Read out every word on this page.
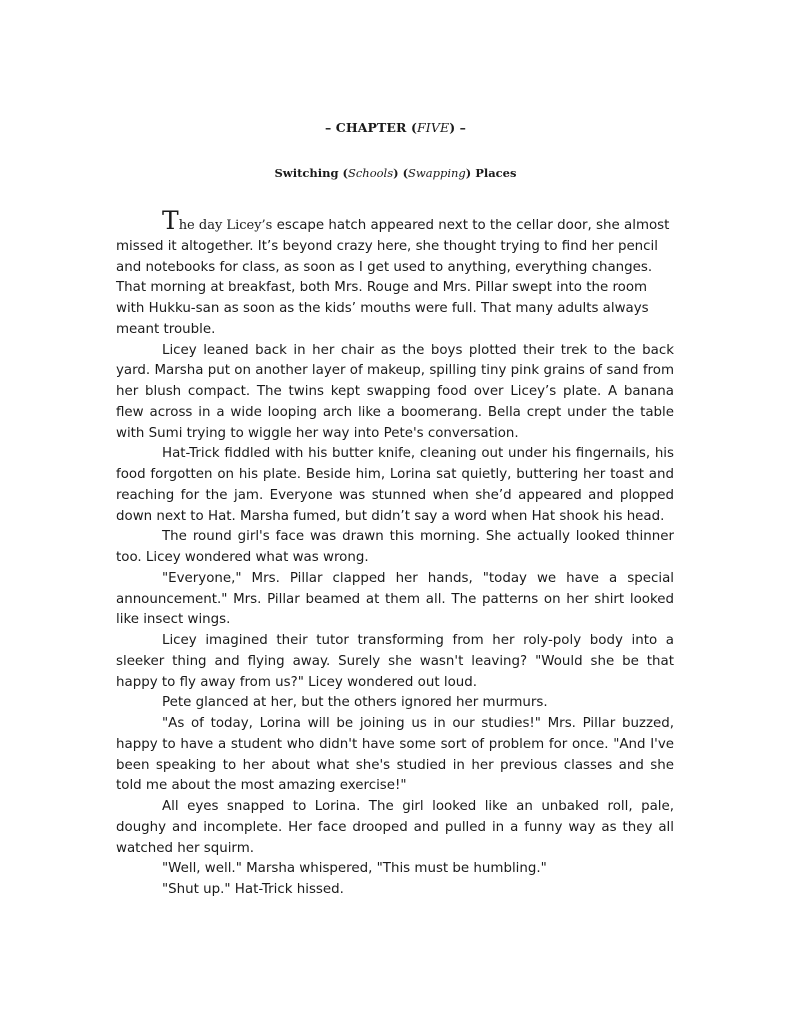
– CHAPTER (FIVE) –
Switching (Schools) (Swapping) Places

The day Licey’s escape hatch appeared next to the cellar door, she almost missed it altogether. It’s beyond crazy here, she thought trying to find her pencil and notebooks for class, as soon as I get used to anything, everything changes. That morning at breakfast, both Mrs. Rouge and Mrs. Pillar swept into the room with Hukku-san as soon as the kids’ mouths were full. That many adults always meant trouble.

Licey leaned back in her chair as the boys plotted their trek to the back yard. Marsha put on another layer of makeup, spilling tiny pink grains of sand from her blush compact. The twins kept swapping food over Licey’s plate. A banana flew across in a wide looping arch like a boomerang. Bella crept under the table with Sumi trying to wiggle her way into Pete's conversation.

Hat-Trick fiddled with his butter knife, cleaning out under his fingernails, his food forgotten on his plate. Beside him, Lorina sat quietly, buttering her toast and reaching for the jam. Everyone was stunned when she’d appeared and plopped down next to Hat. Marsha fumed, but didn’t say a word when Hat shook his head.

The round girl's face was drawn this morning. She actually looked thinner too. Licey wondered what was wrong.

"Everyone," Mrs. Pillar clapped her hands, "today we have a special announcement." Mrs. Pillar beamed at them all. The patterns on her shirt looked like insect wings.

Licey imagined their tutor transforming from her roly-poly body into a sleeker thing and flying away. Surely she wasn't leaving? "Would she be that happy to fly away from us?" Licey wondered out loud.

Pete glanced at her, but the others ignored her murmurs.

"As of today, Lorina will be joining us in our studies!" Mrs. Pillar buzzed, happy to have a student who didn't have some sort of problem for once. "And I've been speaking to her about what she's studied in her previous classes and she told me about the most amazing exercise!"

All eyes snapped to Lorina. The girl looked like an unbaked roll, pale, doughy and incomplete. Her face drooped and pulled in a funny way as they all watched her squirm.

"Well, well." Marsha whispered, "This must be humbling."

"Shut up." Hat-Trick hissed.
